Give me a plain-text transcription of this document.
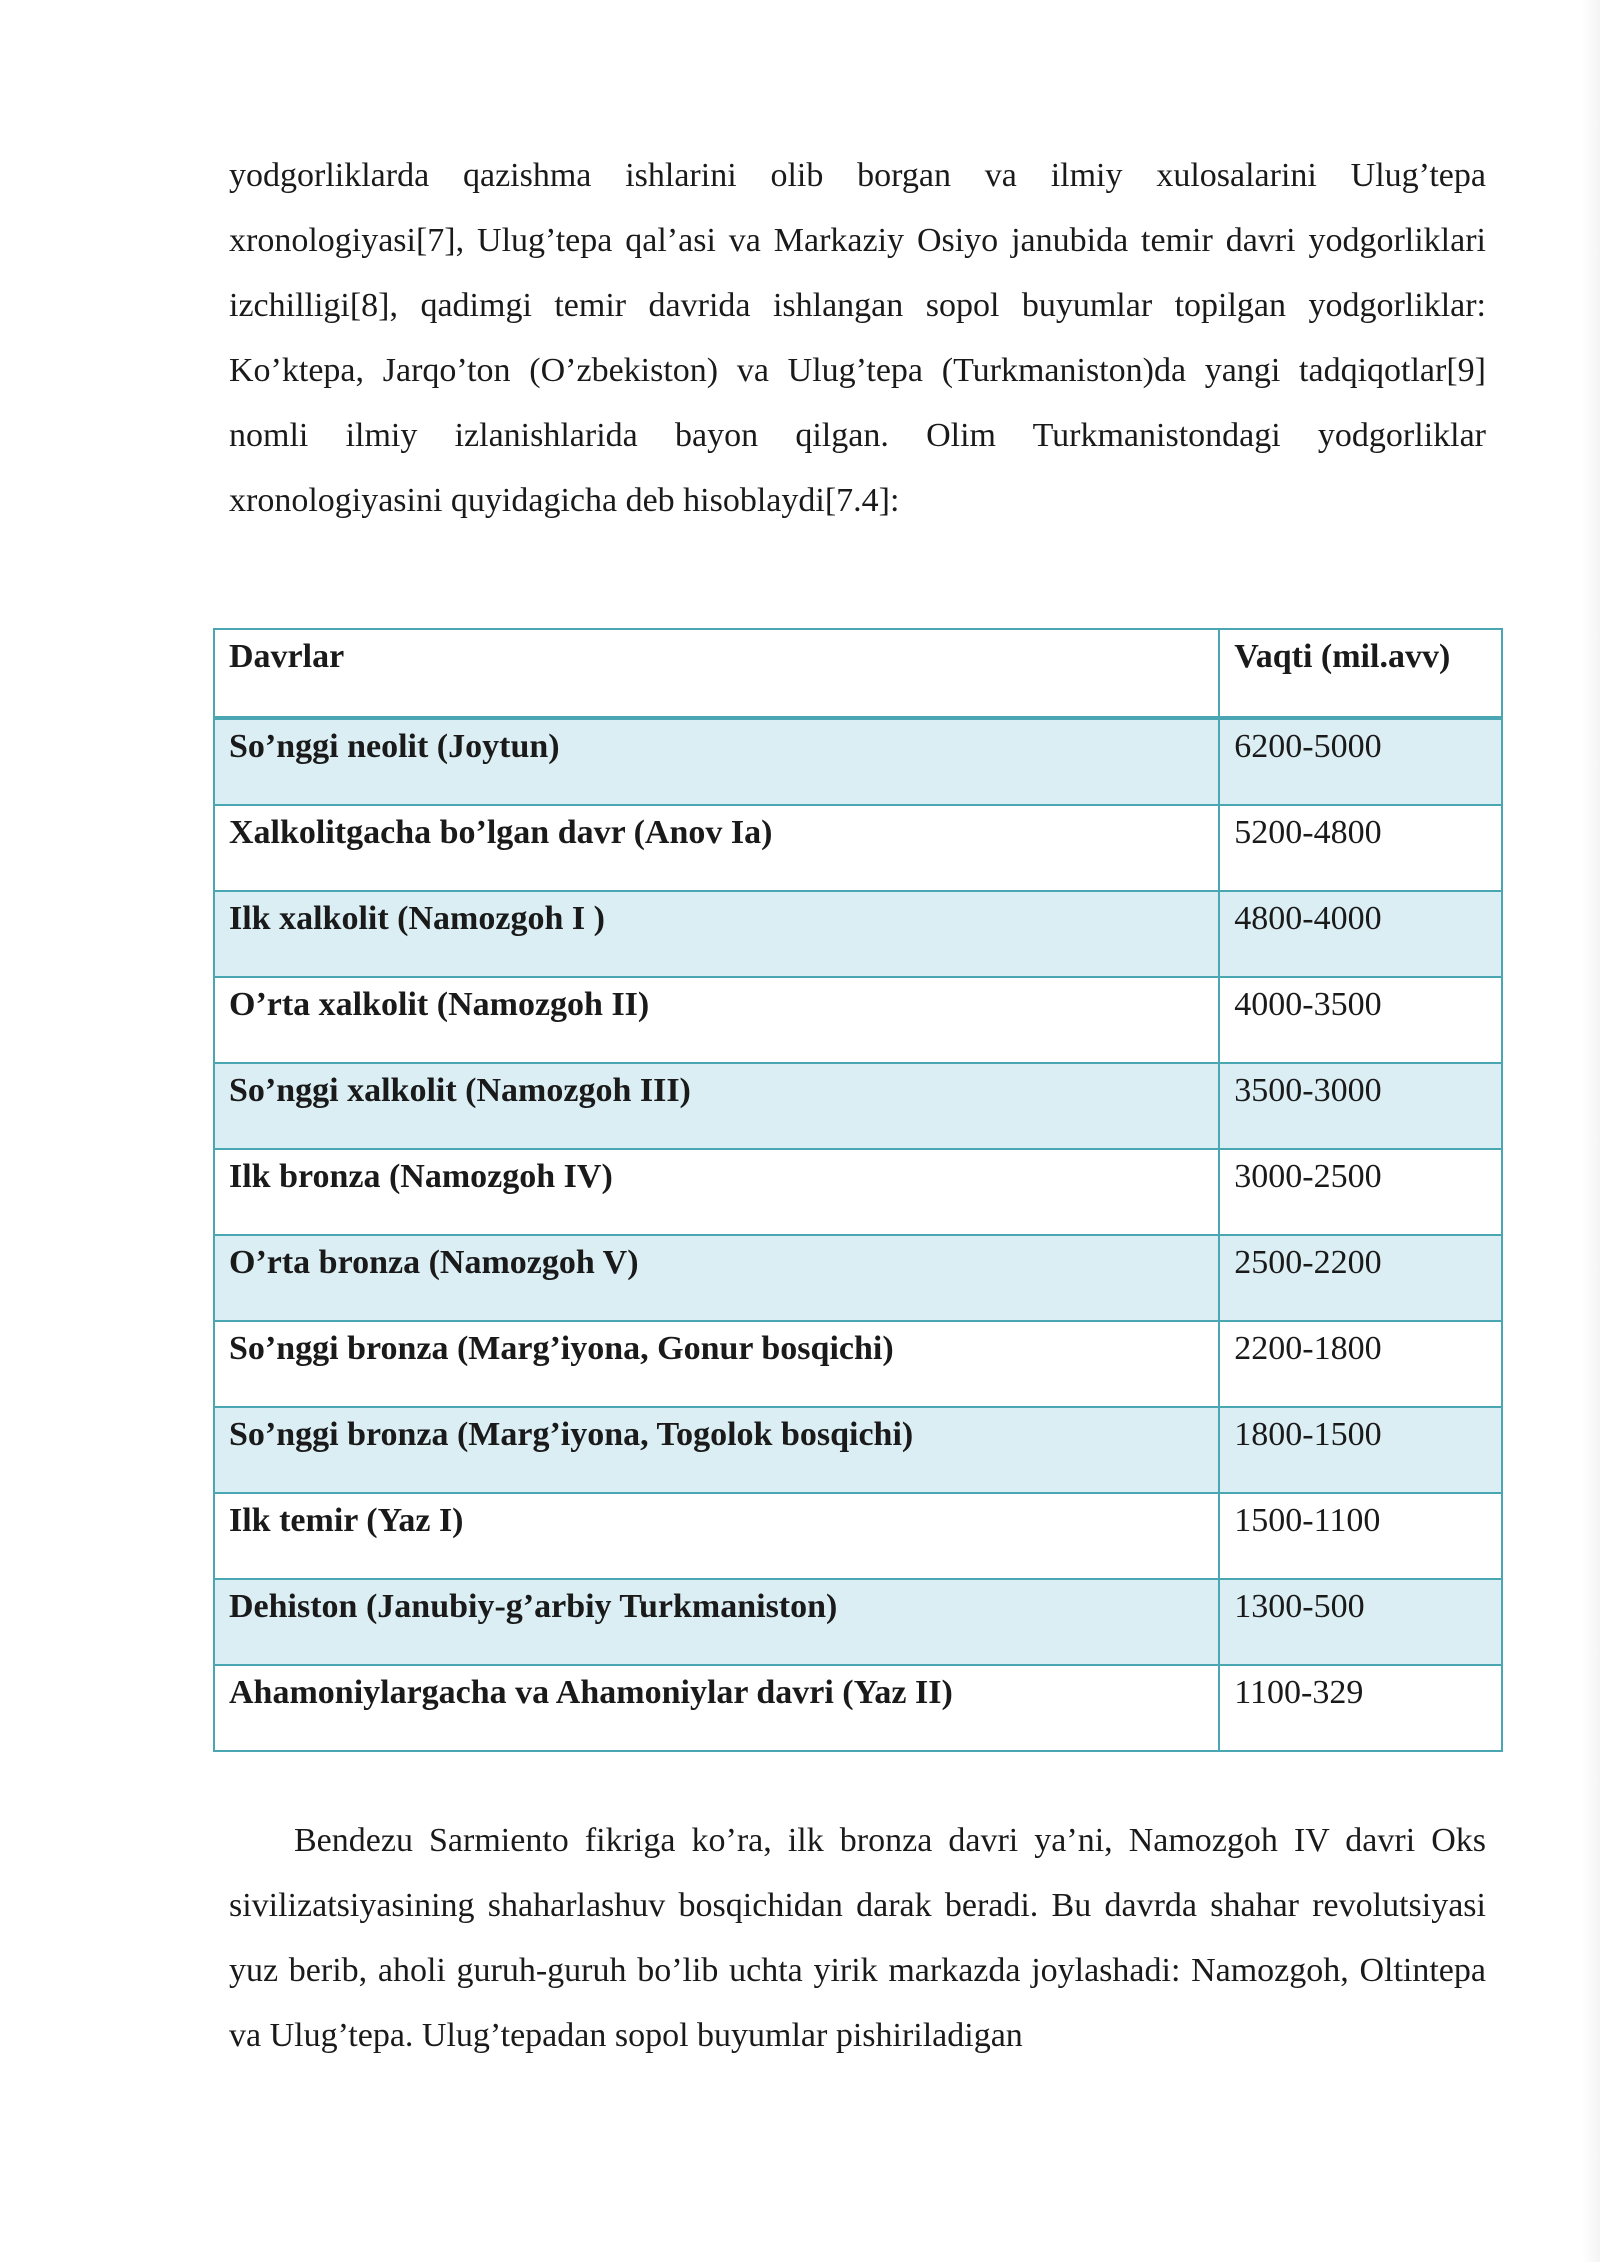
yodgorliklarda qazishma ishlarini olib borgan va ilmiy xulosalarini Ulug’tepa xronologiyasi[7], Ulug’tepa qal’asi va Markaziy Osiyo janubida temir davri yodgorliklari izchilligi[8], qadimgi temir davrida ishlangan sopol buyumlar topilgan yodgorliklar: Ko’ktepa, Jarqo’ton (O’zbekiston) va Ulug’tepa (Turkmaniston)da yangi tadqiqotlar[9] nomli ilmiy izlanishlarida bayon qilgan. Olim Turkmanistondagi yodgorliklar xronologiyasini quyidagicha deb hisoblaydi[7.4]:

Davrlar	Vaqti (mil.avv)
So’nggi neolit (Joytun)	6200-5000
Xalkolitgacha bo’lgan davr (Anov Ia)	5200-4800
Ilk xalkolit (Namozgoh I )	4800-4000
O’rta xalkolit (Namozgoh II)	4000-3500
So’nggi xalkolit (Namozgoh III)	3500-3000
Ilk bronza (Namozgoh IV)	3000-2500
O’rta bronza (Namozgoh V)	2500-2200
So’nggi bronza (Marg’iyona, Gonur bosqichi)	2200-1800
So’nggi bronza (Marg’iyona, Togolok bosqichi)	1800-1500
Ilk temir (Yaz I)	1500-1100
Dehiston (Janubiy-g’arbiy Turkmaniston)	1300-500
Ahamoniylargacha va Ahamoniylar davri (Yaz II)	1100-329

Bendezu Sarmiento fikriga ko’ra, ilk bronza davri ya’ni, Namozgoh IV davri Oks sivilizatsiyasining shaharlashuv bosqichidan darak beradi. Bu davrda shahar revolutsiyasi yuz berib, aholi guruh-guruh bo’lib uchta yirik markazda joylashadi: Namozgoh, Oltintepa va Ulug’tepa. Ulug’tepadan sopol buyumlar pishiriladigan
